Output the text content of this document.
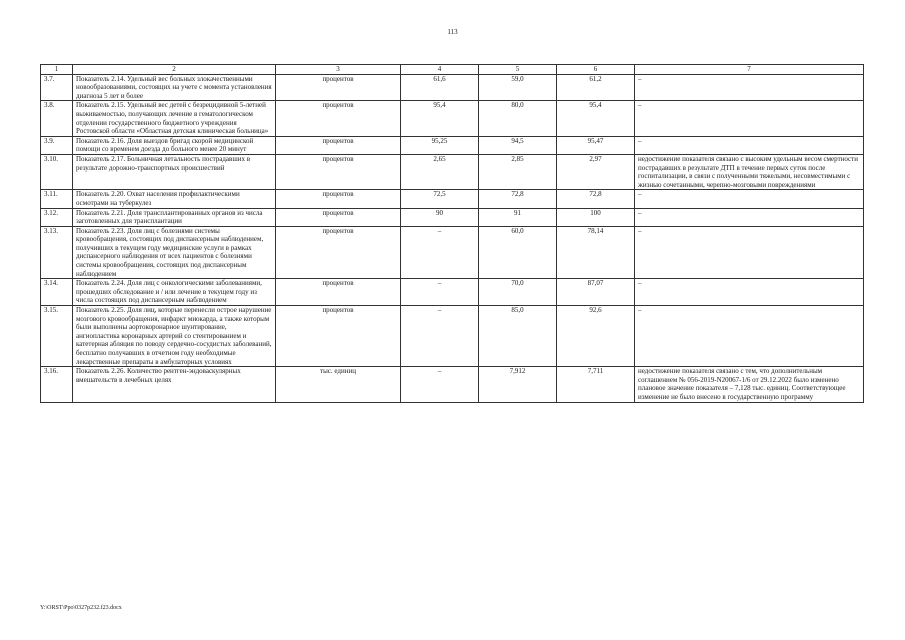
113
1	2	3	4	5	6	7
3.7.	Показатель 2.14. Удельный вес больных злокачественными новообразованиями, состоящих на учете с момента установления диагноза 5 лет и более	процентов	61,6	59,0	61,2	–
3.8.	Показатель 2.15. Удельный вес детей с безрецидивной 5-летней выживаемостью, получающих лечение в гематологическом отделении государственного бюджетного учреждения Ростовской области «Областная детская клиническая больница»	процентов	95,4	80,0	95,4	–
3.9.	Показатель 2.16. Доля выездов бригад скорой медицинской помощи со временем доезда до больного менее 20 минут	процентов	95,25	94,5	95,47	–
3.10.	Показатель 2.17. Больничная летальность пострадавших в результате дорожно-транспортных происшествий	процентов	2,65	2,85	2,97	недостижение показателя связано с высоким удельным весом смертности пострадавших в результате ДТП в течение первых суток после госпитализации, в связи с полученными тяжелыми, несовместимыми с жизнью сочетанными, черепно-мозговыми повреждениями
3.11.	Показатель 2.20. Охват населения профилактическими осмотрами на туберкулез	процентов	72,5	72,8	72,8	–
3.12.	Показатель 2.21. Доля трансплантированных органов из числа заготовленных для трансплантации	процентов	90	91	100	–
3.13.	Показатель 2.23. Доля лиц с болезнями системы кровообращения, состоящих под диспансерным наблюдением, получивших в текущем году медицинские услуги в рамках диспансерного наблюдения от всех пациентов с болезнями системы кровообращения, состоящих под диспансерным наблюдением	процентов	–	60,0	78,14	–
3.14.	Показатель 2.24. Доля лиц с онкологическими заболеваниями, прошедших обследование и / или лечение в текущем году из числа состоящих под диспансерным наблюдением	процентов	–	70,0	87,07	–
3.15.	Показатель 2.25. Доля лиц, которые перенесли острое нарушение мозгового кровообращения, инфаркт миокарда, а также которым были выполнены аортокоронарное шунтирование, ангиопластика коронарных артерий со стентированием и катетерная абляция по поводу сердечно-сосудистых заболеваний, бесплатно получавших в отчетном году необходимые лекарственные препараты в амбулаторных условиях	процентов	–	85,0	92,6	–
3.16.	Показатель 2.26. Количество рентген-эндоваскулярных вмешательств в лечебных целях	тыс. единиц	–	7,912	7,711	недостижение показателя связано с тем, что дополнительным соглашением № 056-2019-N20067-1/6 от 29.12.2022 было изменено плановое значение показателя – 7,128 тыс. единиц. Соответствующее изменение не было внесено в государственную программу
Y:\ORST\Ppo\0327p232.f23.docx
